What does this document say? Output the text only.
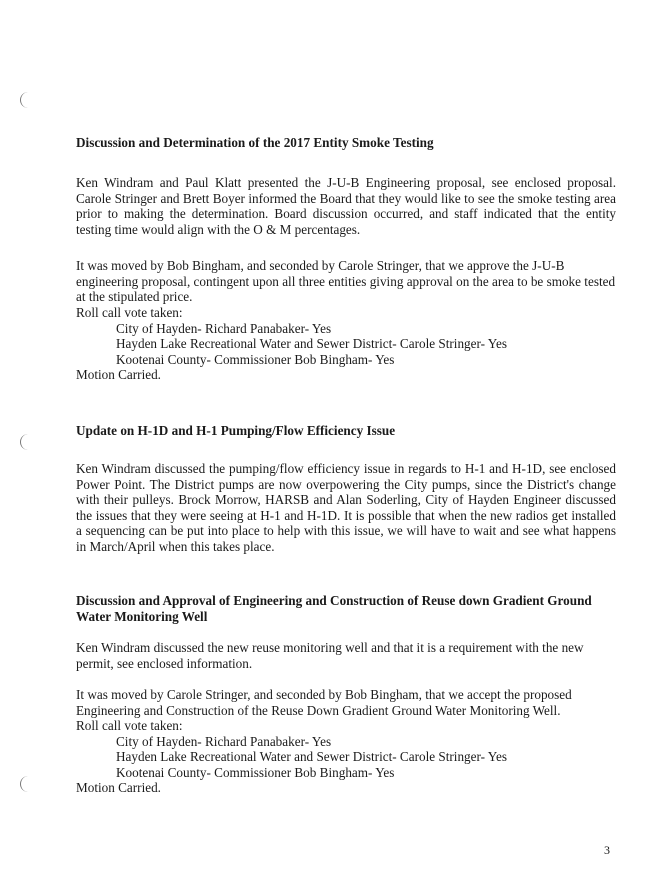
Discussion and Determination of the 2017 Entity Smoke Testing

Ken Windram and Paul Klatt presented the J-U-B Engineering proposal, see enclosed proposal. Carole Stringer and Brett Boyer informed the Board that they would like to see the smoke testing area prior to making the determination. Board discussion occurred, and staff indicated that the entity testing time would align with the O & M percentages.

It was moved by Bob Bingham, and seconded by Carole Stringer, that we approve the J-U-B engineering proposal, contingent upon all three entities giving approval on the area to be smoke tested at the stipulated price.

Roll call vote taken:
City of Hayden- Richard Panabaker- Yes
Hayden Lake Recreational Water and Sewer District- Carole Stringer- Yes
Kootenai County- Commissioner Bob Bingham- Yes
Motion Carried.

Update on H-1D and H-1 Pumping/Flow Efficiency Issue

Ken Windram discussed the pumping/flow efficiency issue in regards to H-1 and H-1D, see enclosed Power Point. The District pumps are now overpowering the City pumps, since the District's change with their pulleys. Brock Morrow, HARSB and Alan Soderling, City of Hayden Engineer discussed the issues that they were seeing at H-1 and H-1D. It is possible that when the new radios get installed a sequencing can be put into place to help with this issue, we will have to wait and see what happens in March/April when this takes place.

Discussion and Approval of Engineering and Construction of Reuse down Gradient Ground
Water Monitoring Well

Ken Windram discussed the new reuse monitoring well and that it is a requirement with the new permit, see enclosed information.

It was moved by Carole Stringer, and seconded by Bob Bingham, that we accept the proposed Engineering and Construction of the Reuse Down Gradient Ground Water Monitoring Well.

Roll call vote taken:
City of Hayden- Richard Panabaker- Yes
Hayden Lake Recreational Water and Sewer District- Carole Stringer- Yes
Kootenai County- Commissioner Bob Bingham- Yes
Motion Carried.
3
